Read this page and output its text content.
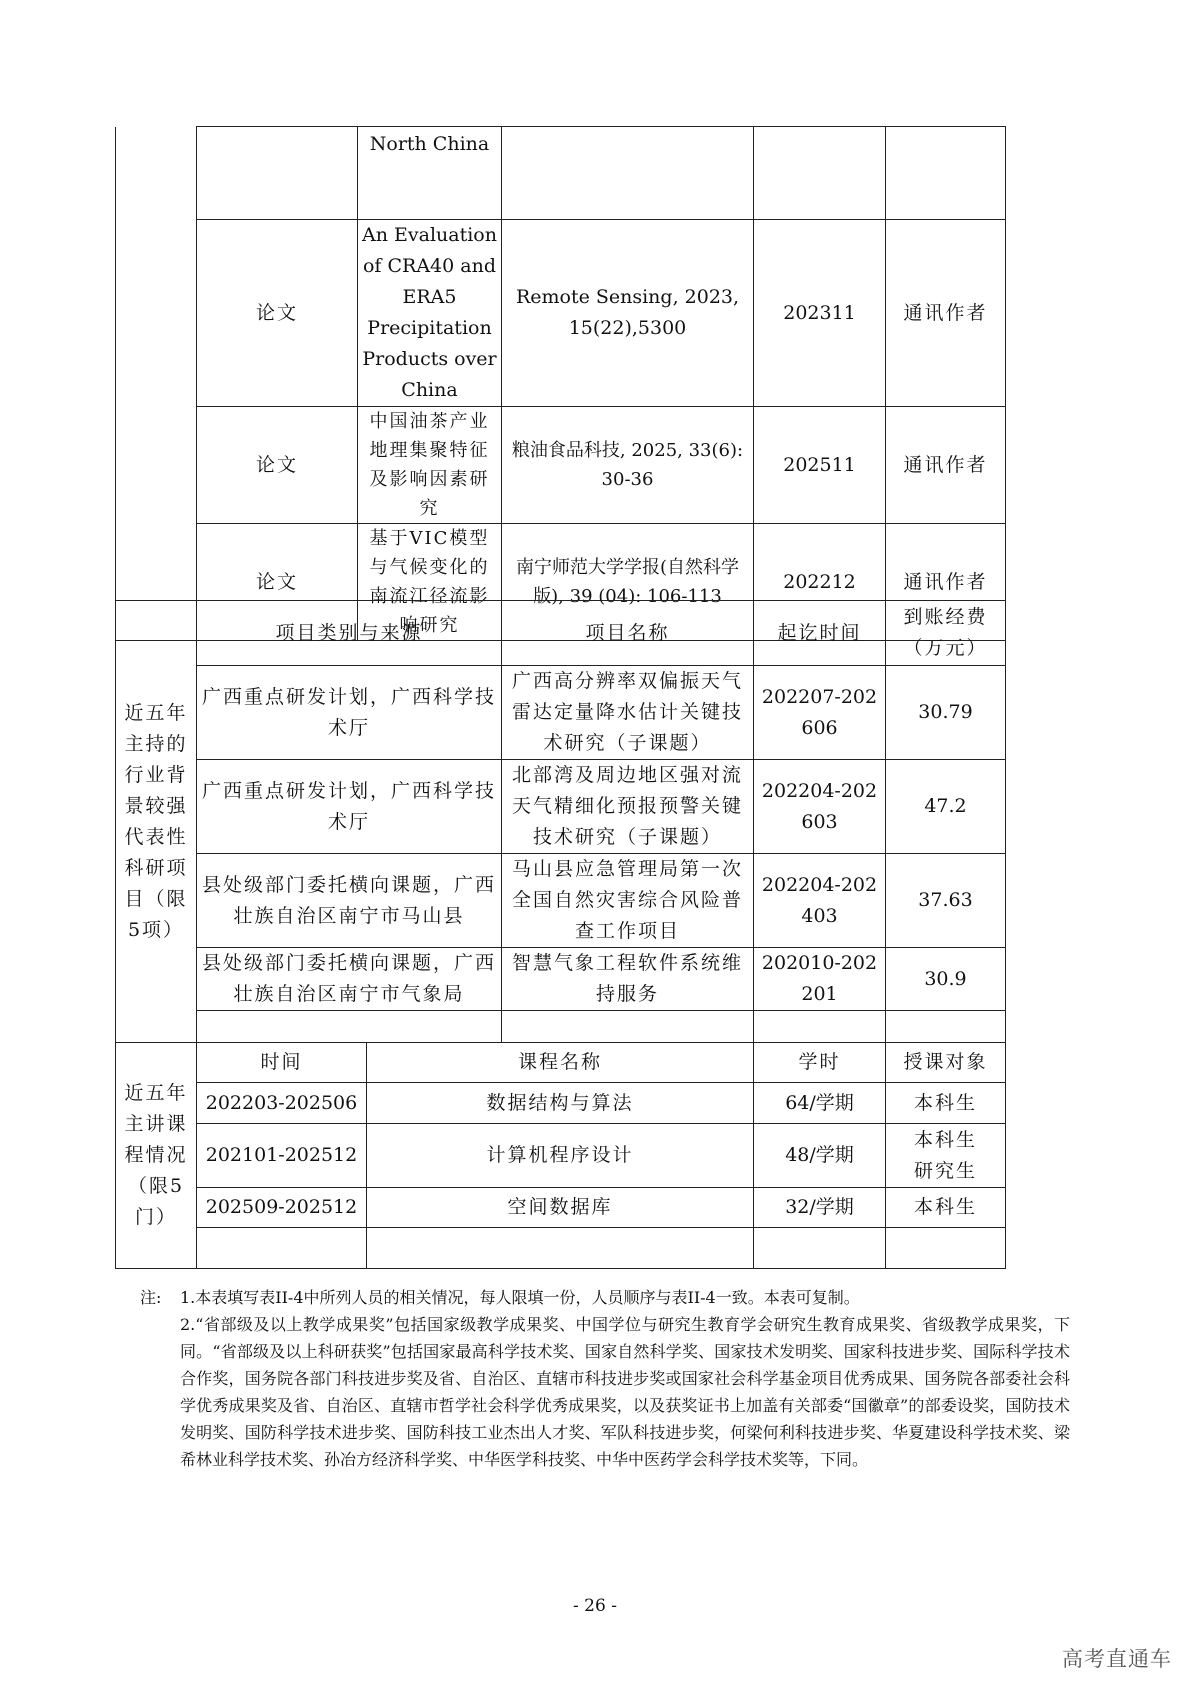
		North China			
	论文	An Evaluation of CRA40 and ERA5 Precipitation Products over China	Remote Sensing, 2023, 15(22),5300	202311	通讯作者
	论文	中国油茶产业地理集聚特征及影响因素研究	粮油食品科技, 2025, 33(6): 30-36	202511	通讯作者
	论文	基于VIC模型与气候变化的南流江径流影响研究	南宁师范大学学报(自然科学版), 39 (04): 106-113	202212	通讯作者
近五年主持的行业背景较强代表性科研项目（限5项）	项目类别与来源	项目名称	起讫时间	到账经费（万元）
	广西重点研发计划，广西科学技术厅	广西高分辨率双偏振天气雷达定量降水估计关键技术研究（子课题）	202207-202606	30.79
	广西重点研发计划，广西科学技术厅	北部湾及周边地区强对流天气精细化预报预警关键技术研究（子课题）	202204-202603	47.2
	县处级部门委托横向课题，广西壮族自治区南宁市马山县	马山县应急管理局第一次全国自然灾害综合风险普查工作项目	202204-202403	37.63
	县处级部门委托横向课题，广西壮族自治区南宁市气象局	智慧气象工程软件系统维持服务	202010-202201	30.9

近五年主讲课程情况（限5门）	时间	课程名称	学时	授课对象
	202203-202506	数据结构与算法	64/学期	本科生
	202101-202512	计算机程序设计	48/学期	本科生 研究生
	202509-202512	空间数据库	32/学期	本科生

注:	1.本表填写表II-4中所列人员的相关情况，每人限填一份，人员顺序与表II-4一致。本表可复制。
2.“省部级及以上教学成果奖”包括国家级教学成果奖、中国学位与研究生教育学会研究生教育成果奖、省级教学成果奖，下同。“省部级及以上科研获奖”包括国家最高科学技术奖、国家自然科学奖、国家技术发明奖、国家科技进步奖、国际科学技术合作奖，国务院各部门科技进步奖及省、自治区、直辖市科技进步奖或国家社会科学基金项目优秀成果、国务院各部委社会科学优秀成果奖及省、自治区、直辖市哲学社会科学优秀成果奖，以及获奖证书上加盖有关部委“国徽章”的部委设奖，国防技术发明奖、国防科学技术进步奖、国防科技工业杰出人才奖、军队科技进步奖，何梁何利科技进步奖、华夏建设科学技术奖、梁希林业科学技术奖、孙冶方经济科学奖、中华医学科技奖、中华中医药学会科学技术奖等，下同。
- 26 -
高考直通车
